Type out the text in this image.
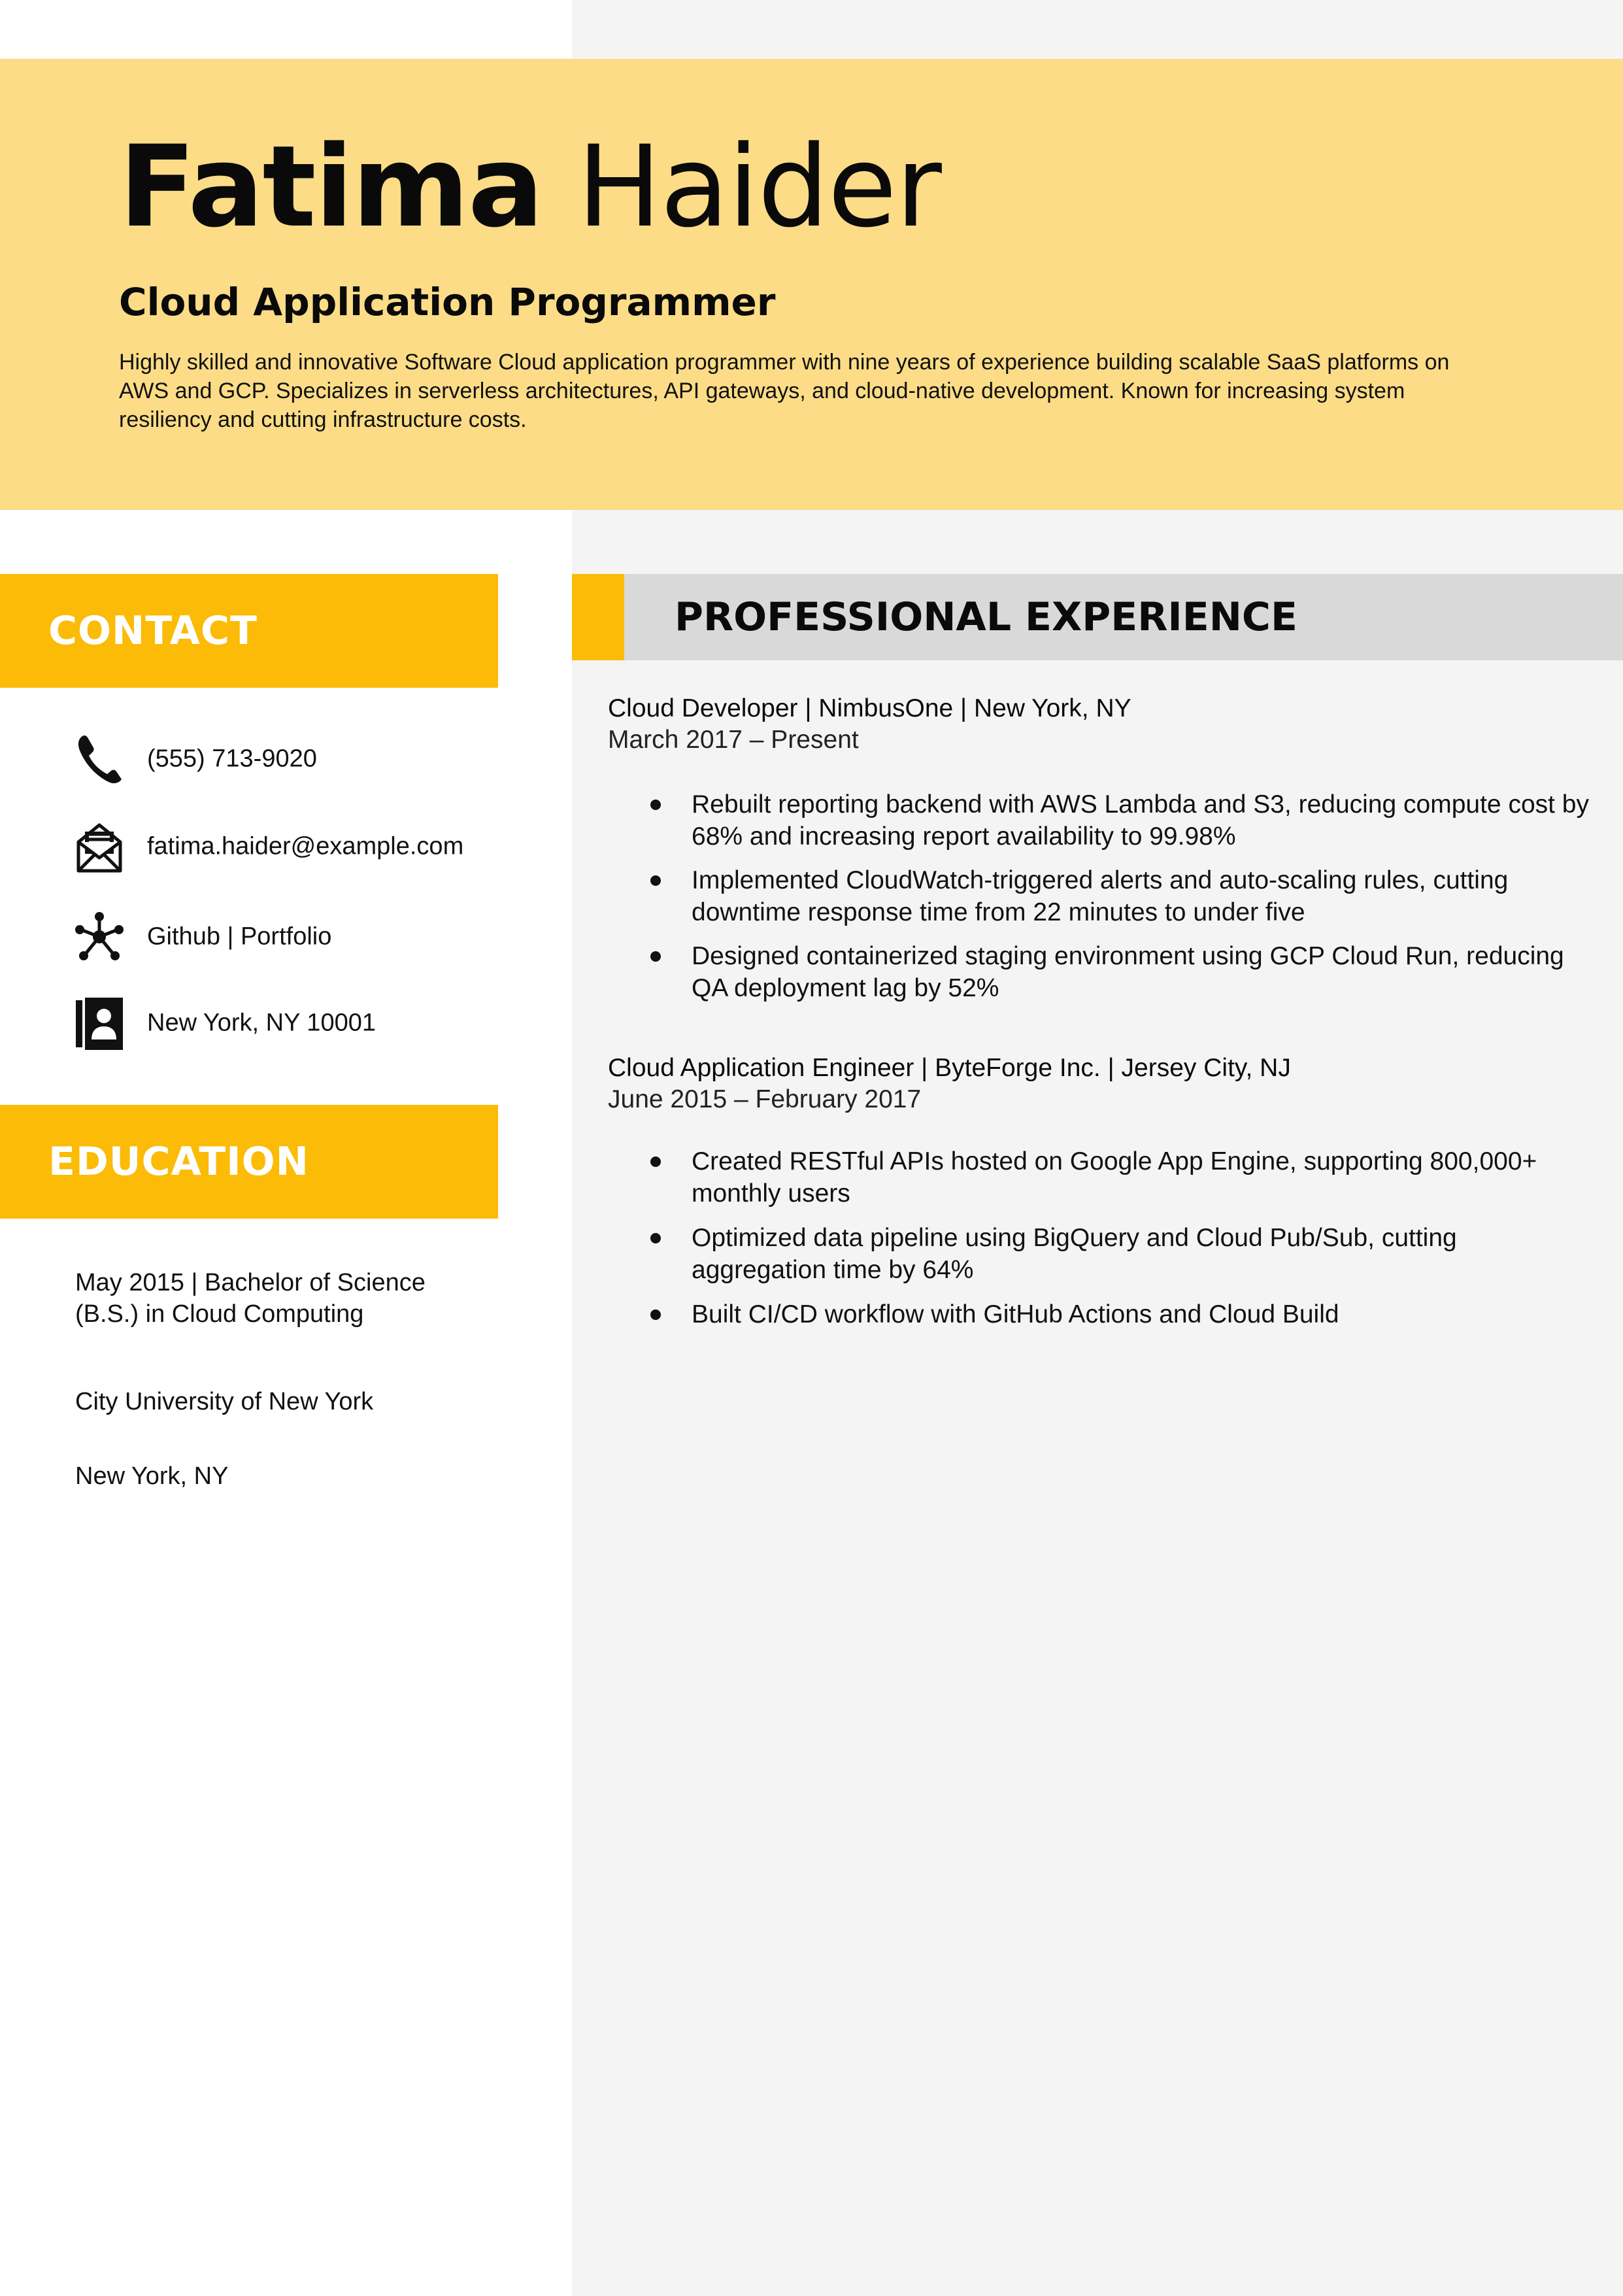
Fatima Haider
Cloud Application Programmer
Highly skilled and innovative Software Cloud application programmer with nine years of experience building scalable SaaS platforms on AWS and GCP. Specializes in serverless architectures, API gateways, and cloud-native development. Known for increasing system resiliency and cutting infrastructure costs.
CONTACT
(555) 713-9020
fatima.haider@example.com
Github | Portfolio
New York, NY 10001
EDUCATION
May 2015 | Bachelor of Science (B.S.) in Cloud Computing
City University of New York
New York, NY
PROFESSIONAL EXPERIENCE
Cloud Developer | NimbusOne | New York, NY
March 2017 – Present
Rebuilt reporting backend with AWS Lambda and S3, reducing compute cost by 68% and increasing report availability to 99.98%
Implemented CloudWatch-triggered alerts and auto-scaling rules, cutting downtime response time from 22 minutes to under five
Designed containerized staging environment using GCP Cloud Run, reducing QA deployment lag by 52%
Cloud Application Engineer | ByteForge Inc. | Jersey City, NJ
June 2015 – February 2017
Created RESTful APIs hosted on Google App Engine, supporting 800,000+ monthly users
Optimized data pipeline using BigQuery and Cloud Pub/Sub, cutting aggregation time by 64%
Built CI/CD workflow with GitHub Actions and Cloud Build
